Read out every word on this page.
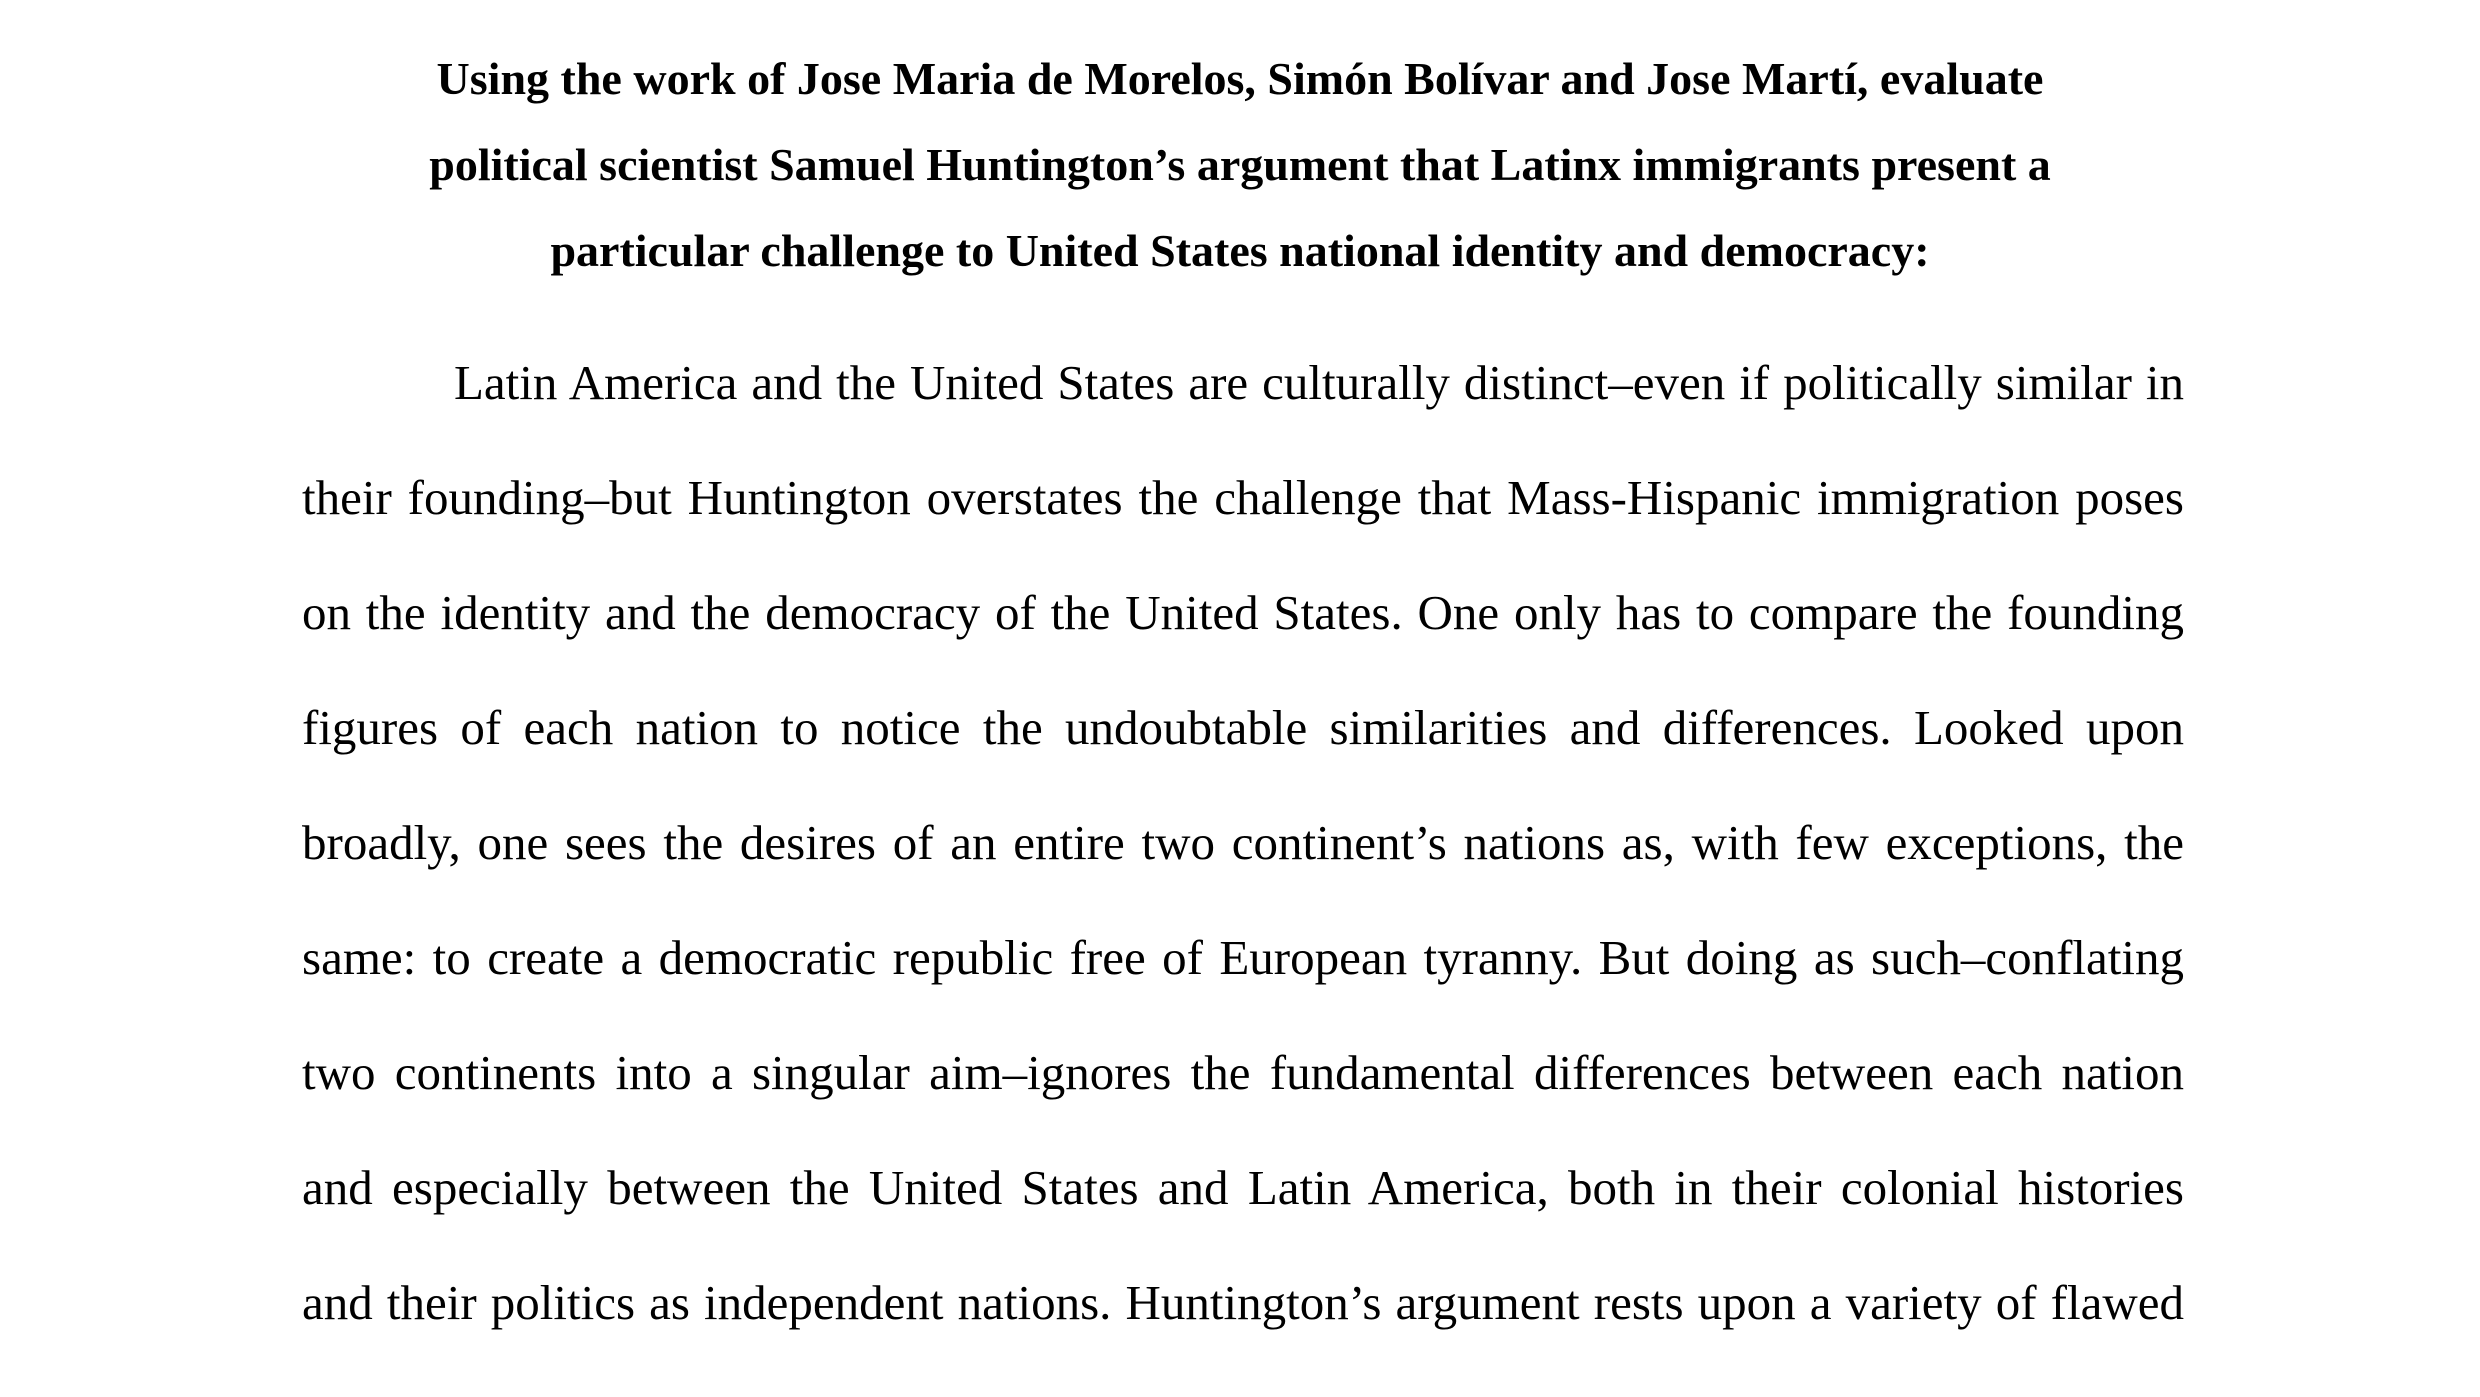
Using the work of Jose Maria de Morelos, Simón Bolívar and Jose Martí, evaluate
political scientist Samuel Huntington’s argument that Latinx immigrants present a
particular challenge to United States national identity and democracy:
Latin America and the United States are culturally distinct–even if politically similar in
their founding–but Huntington overstates the challenge that Mass-Hispanic immigration poses
on the identity and the democracy of the United States. One only has to compare the founding
figures of each nation to notice the undoubtable similarities and differences. Looked upon
broadly, one sees the desires of an entire two continent’s nations as, with few exceptions, the
same: to create a democratic republic free of European tyranny. But doing as such–conflating
two continents into a singular aim–ignores the fundamental differences between each nation
and especially between the United States and Latin America, both in their colonial histories
and their politics as independent nations. Huntington’s argument rests upon a variety of flawed
